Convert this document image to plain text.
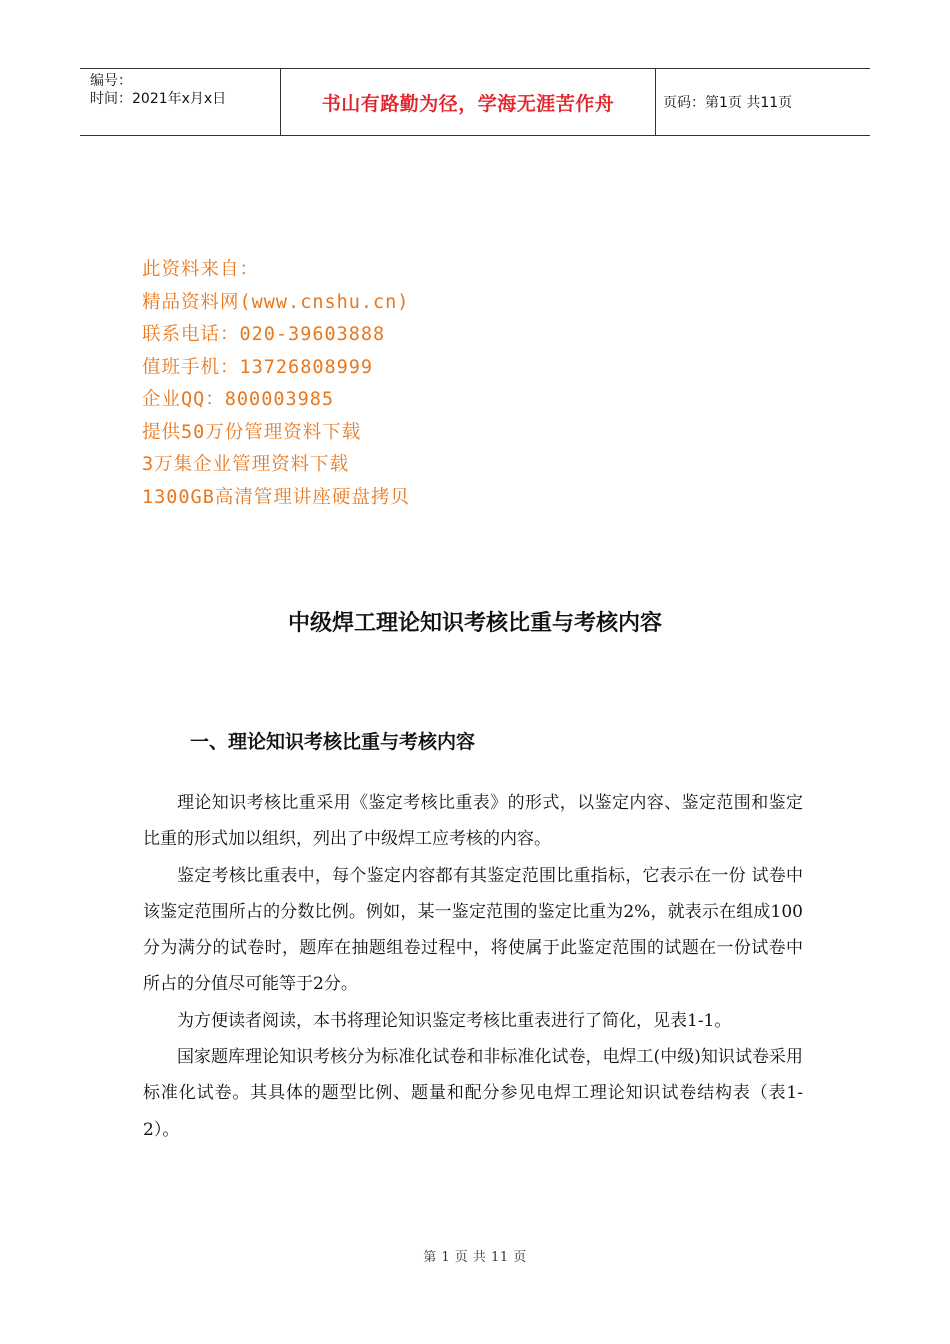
编号：
时间：2021年x月x日	书山有路勤为径，学海无涯苦作舟	页码：第1页 共11页
此资料来自：
精品资料网(www.cnshu.cn)
联系电话：020-39603888
值班手机：13726808999
企业QQ：800003985
提供50万份管理资料下载
3万集企业管理资料下载
1300GB高清管理讲座硬盘拷贝
中级焊工理论知识考核比重与考核内容
一、理论知识考核比重与考核内容

理论知识考核比重采用《鉴定考核比重表》的形式，以鉴定内容、鉴定范围和鉴定比重的形式加以组织，列出了中级焊工应考核的内容。

鉴定考核比重表中，每个鉴定内容都有其鉴定范围比重指标，它表示在一份 试卷中该鉴定范围所占的分数比例。例如，某一鉴定范围的鉴定比重为2%，就表示在组成100分为满分的试卷时，题库在抽题组卷过程中，将使属于此鉴定范围的试题在一份试卷中所占的分值尽可能等于2分。

为方便读者阅读，本书将理论知识鉴定考核比重表进行了简化，见表1-1。

国家题库理论知识考核分为标准化试卷和非标准化试卷，电焊工(中级)知识试卷采用标准化试卷。其具体的题型比例、题量和配分参见电焊工理论知识试卷结构表（表1-2）。

第 1 页 共 11 页
